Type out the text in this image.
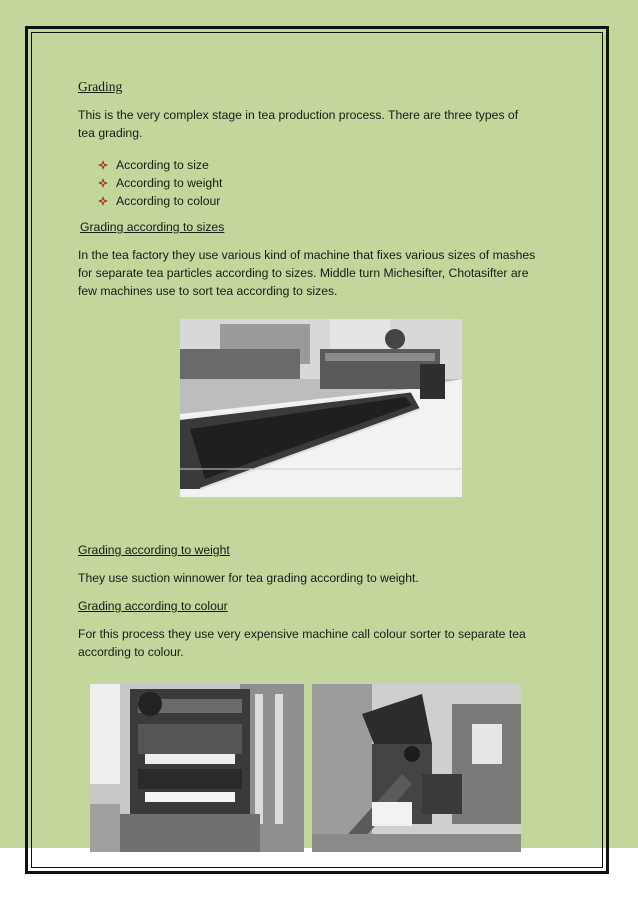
Grading

This is the very complex stage in tea production process. There are three types of tea grading.

According to size
According to weight
According to colour

Grading according to sizes

In the tea factory they use various kind of machine that fixes various sizes of mashes for separate tea particles according to sizes. Middle turn Michesifter, Chotasifter are few machines use to sort tea according to sizes.

Grading according to weight

They use suction winnower for tea grading according to weight.

Grading according to colour

For this process they use very expensive machine call colour sorter to separate tea according to colour.
